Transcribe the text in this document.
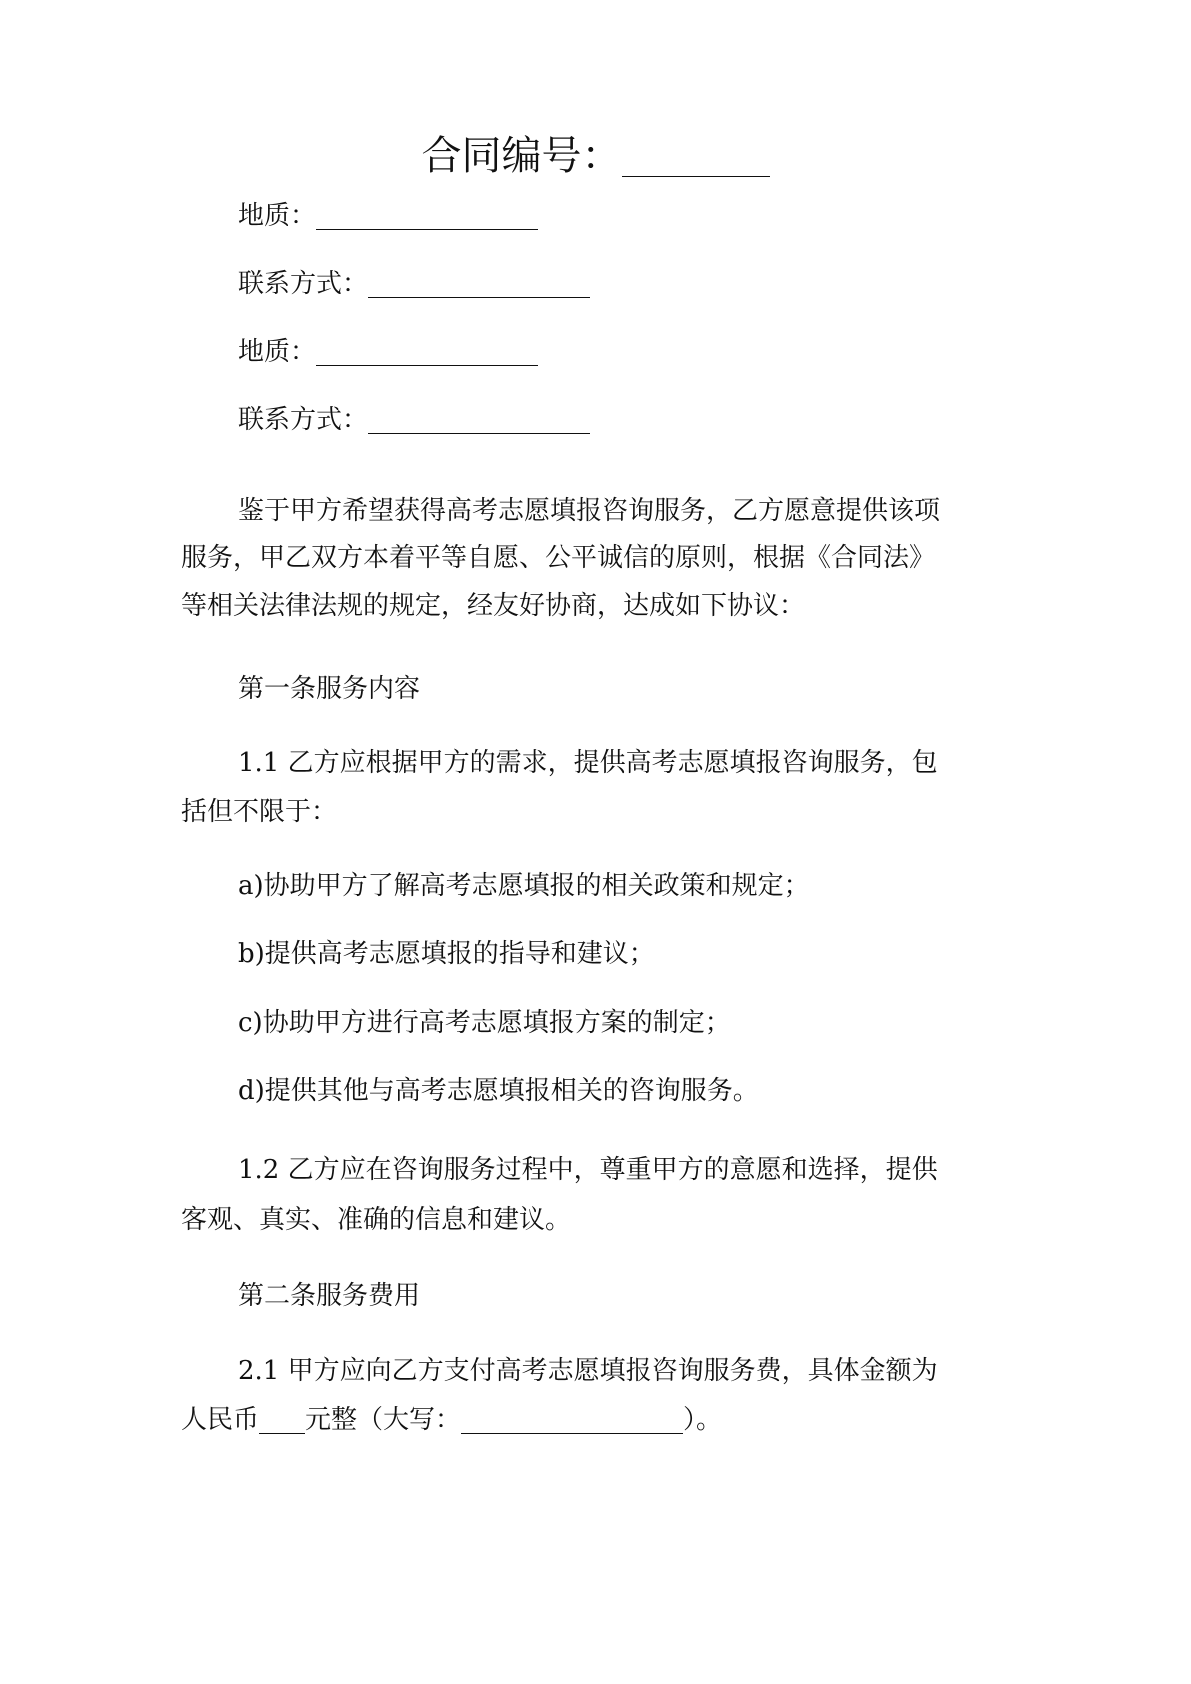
合同编号：
地质：
联系方式：
地质：
联系方式：
鉴于甲方希望获得高考志愿填报咨询服务，乙方愿意提供该项
服务，甲乙双方本着平等自愿、公平诚信的原则，根据《合同法》
等相关法律法规的规定，经友好协商，达成如下协议：
第一条服务内容
1.1 乙方应根据甲方的需求，提供高考志愿填报咨询服务，包
括但不限于：
a)协助甲方了解高考志愿填报的相关政策和规定；
b)提供高考志愿填报的指导和建议；
c)协助甲方进行高考志愿填报方案的制定；
d)提供其他与高考志愿填报相关的咨询服务。
1.2 乙方应在咨询服务过程中，尊重甲方的意愿和选择，提供
客观、真实、准确的信息和建议。
第二条服务费用
2.1 甲方应向乙方支付高考志愿填报咨询服务费，具体金额为
人民币 元整（大写：	）。
